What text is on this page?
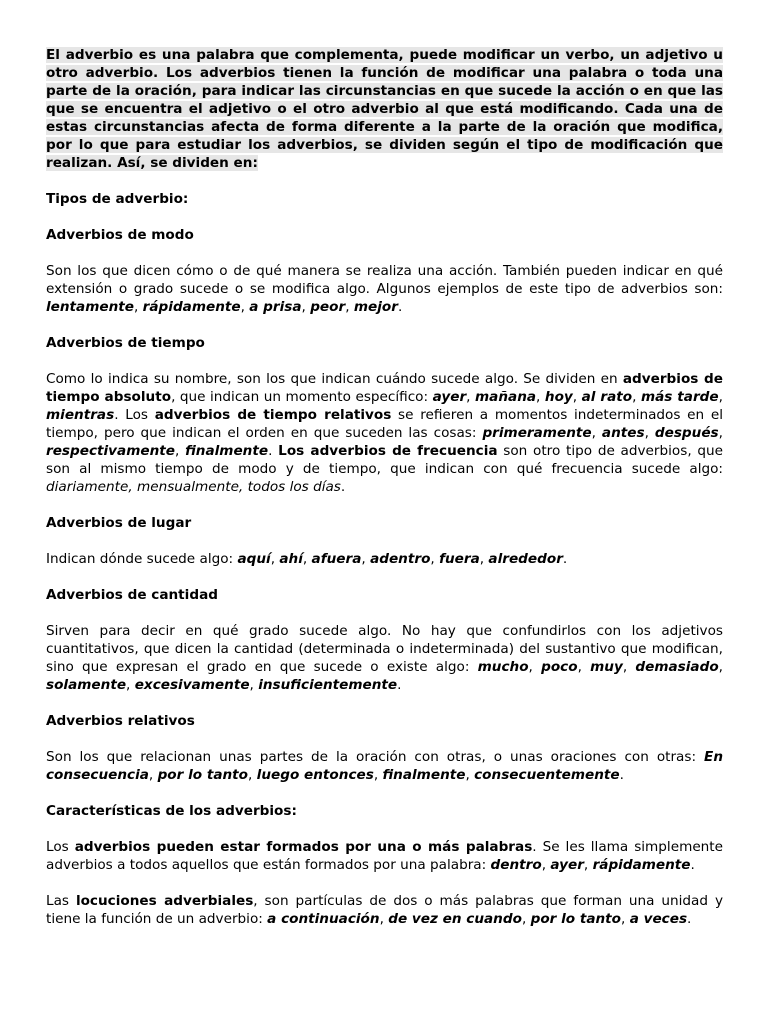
El adverbio es una palabra que complementa, puede modificar un verbo, un adjetivo u otro adverbio. Los adverbios tienen la función de modificar una palabra o toda una parte de la oración, para indicar las circunstancias en que sucede la acción o en que las que se encuentra el adjetivo o el otro adverbio al que está modificando. Cada una de estas circunstancias afecta de forma diferente a la parte de la oración que modifica, por lo que para estudiar los adverbios, se dividen según el tipo de modificación que realizan. Así, se dividen en:

Tipos de adverbio:

Adverbios de modo

Son los que dicen cómo o de qué manera se realiza una acción. También pueden indicar en qué extensión o grado sucede o se modifica algo. Algunos ejemplos de este tipo de adverbios son: lentamente, rápidamente, a prisa, peor, mejor.

Adverbios de tiempo

Como lo indica su nombre, son los que indican cuándo sucede algo. Se dividen en adverbios de tiempo absoluto, que indican un momento específico: ayer, mañana, hoy, al rato, más tarde, mientras. Los adverbios de tiempo relativos se refieren a momentos indeterminados en el tiempo, pero que indican el orden en que suceden las cosas: primeramente, antes, después, respectivamente, finalmente. Los adverbios de frecuencia son otro tipo de adverbios, que son al mismo tiempo de modo y de tiempo, que indican con qué frecuencia sucede algo: diariamente, mensualmente, todos los días.

Adverbios de lugar

Indican dónde sucede algo: aquí, ahí, afuera, adentro, fuera, alrededor.

Adverbios de cantidad

Sirven para decir en qué grado sucede algo. No hay que confundirlos con los adjetivos cuantitativos, que dicen la cantidad (determinada o indeterminada) del sustantivo que modifican, sino que expresan el grado en que sucede o existe algo: mucho, poco, muy, demasiado, solamente, excesivamente, insuficientemente.

Adverbios relativos

Son los que relacionan unas partes de la oración con otras, o unas oraciones con otras: En consecuencia, por lo tanto, luego entonces, finalmente, consecuentemente.

Características de los adverbios:

Los adverbios pueden estar formados por una o más palabras. Se les llama simplemente adverbios a todos aquellos que están formados por una palabra: dentro, ayer, rápidamente.

Las locuciones adverbiales, son partículas de dos o más palabras que forman una unidad y tiene la función de un adverbio: a continuación, de vez en cuando, por lo tanto, a veces.
